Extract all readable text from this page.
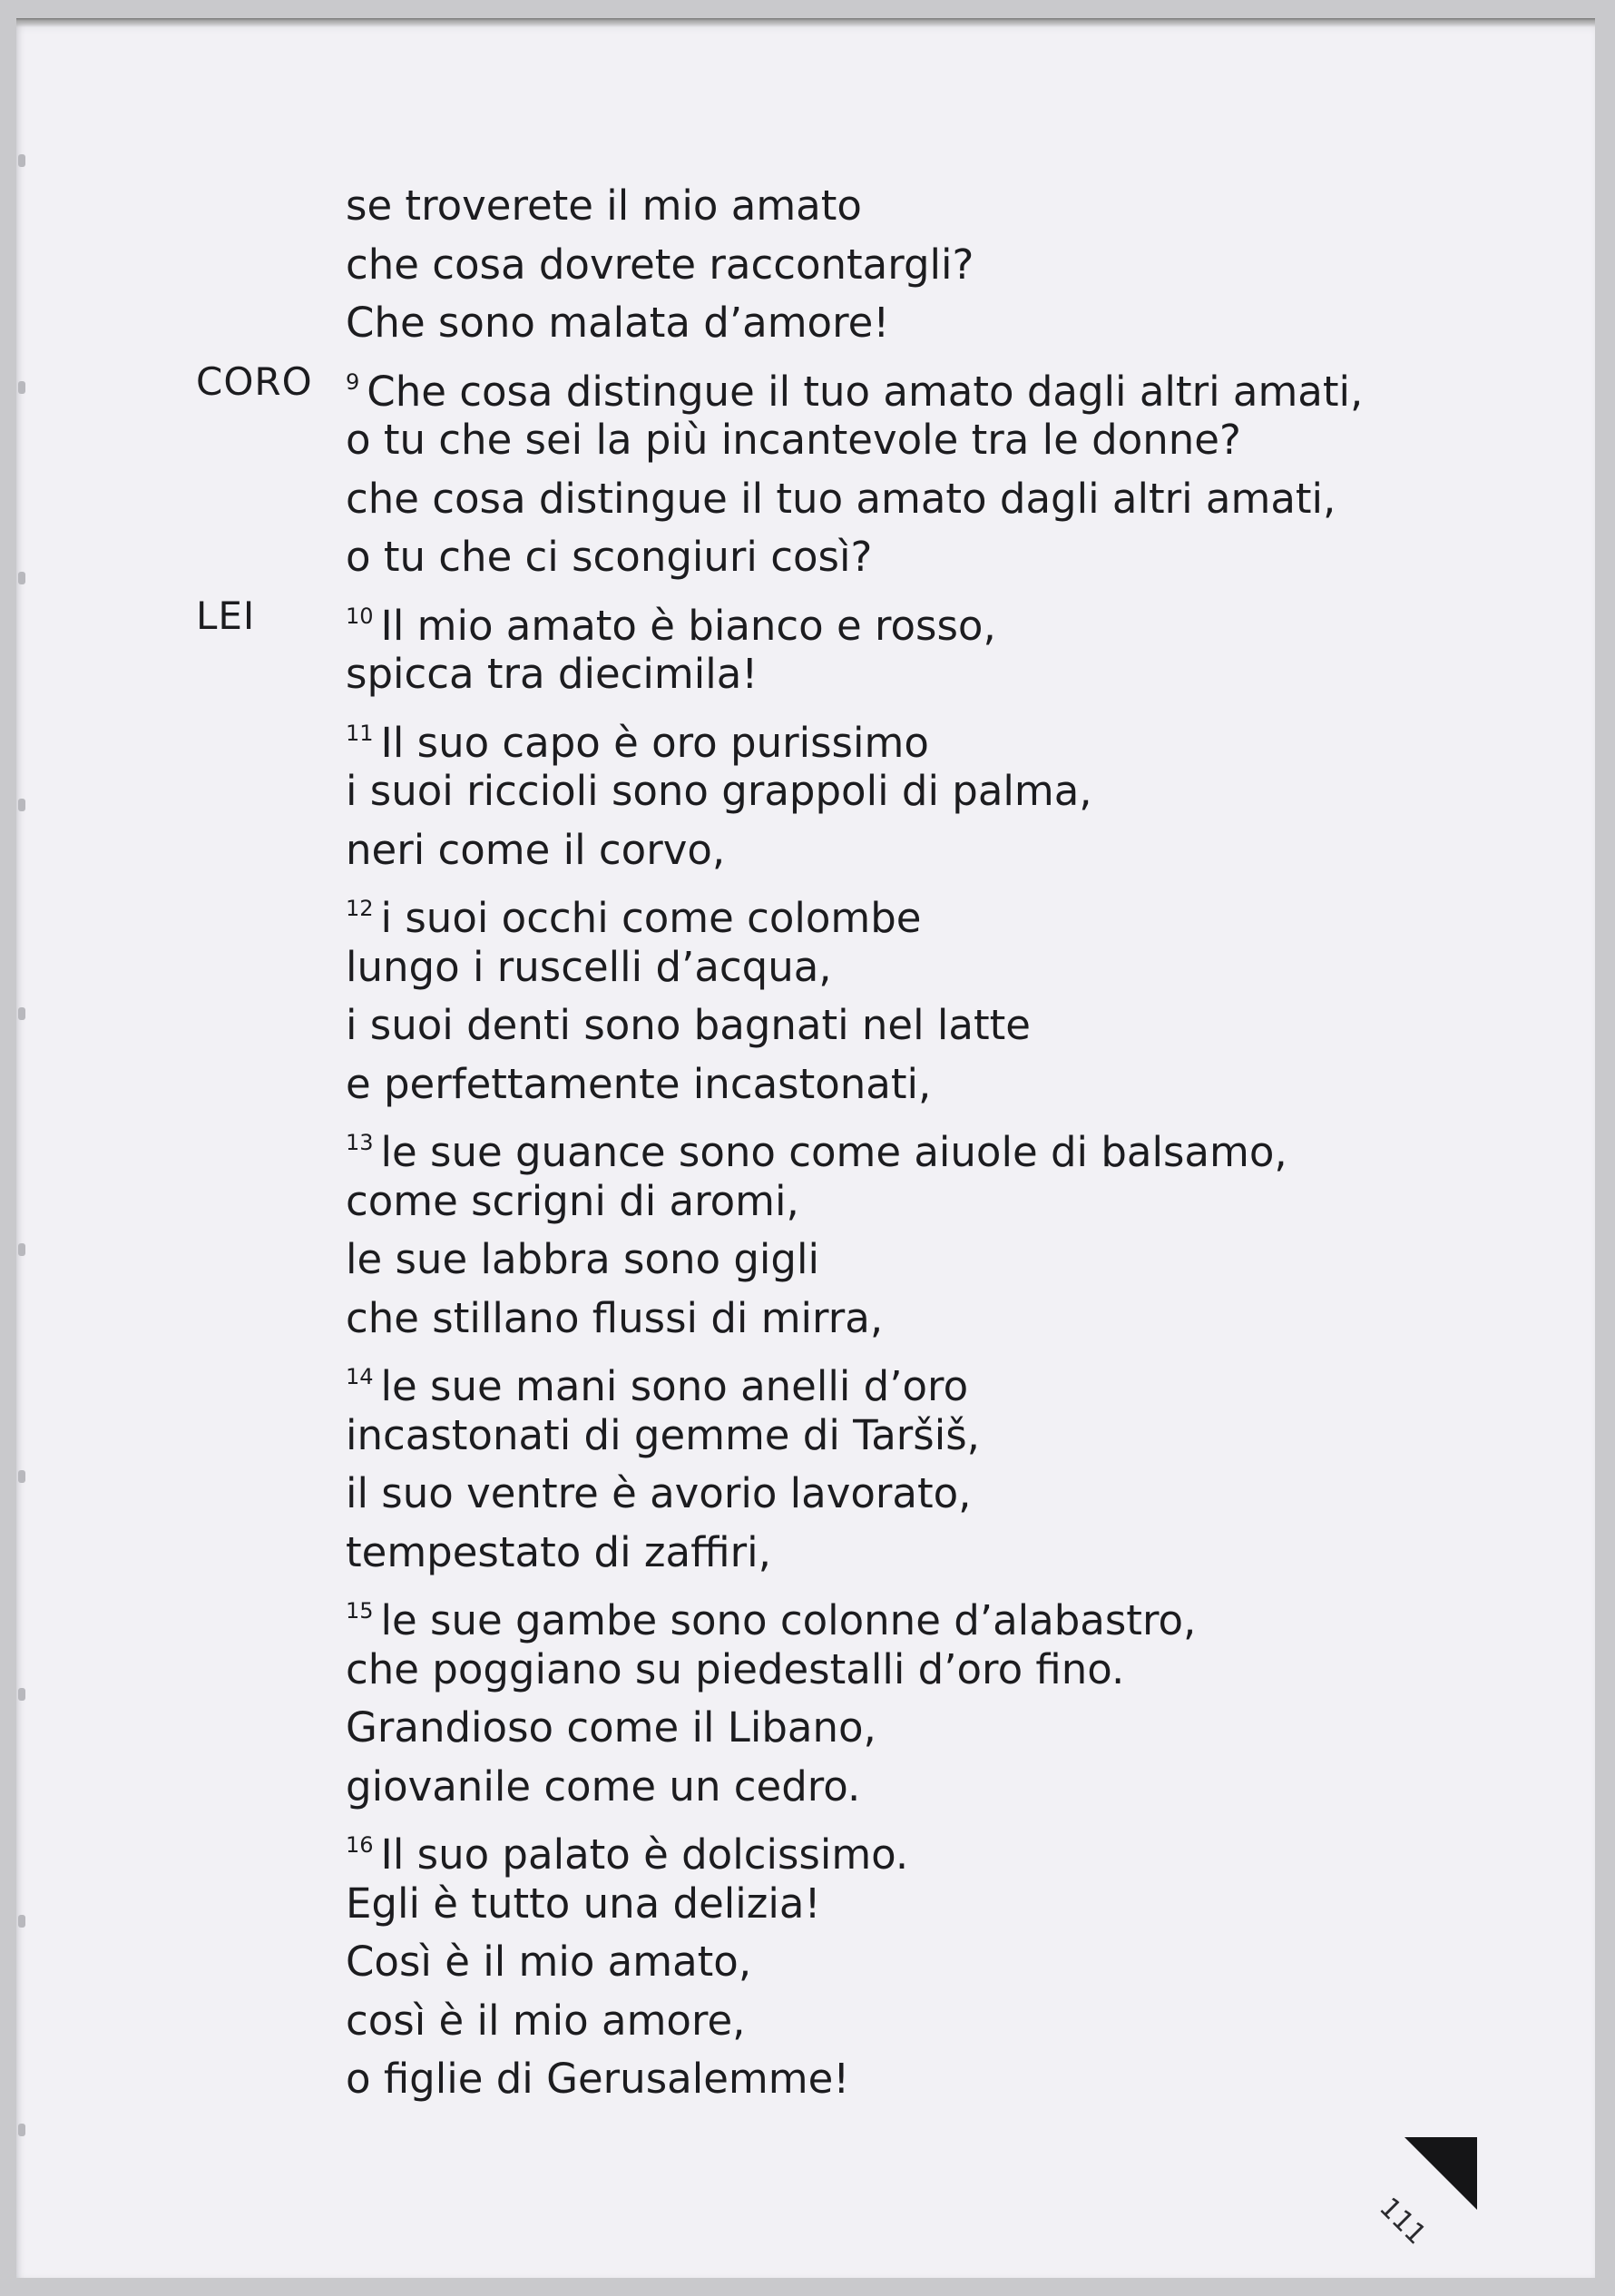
se troverete il mio amato
che cosa dovrete raccontargli?
Che sono malata d’amore!
CORO $^9$ Che cosa distingue il tuo amato dagli altri amati,
o tu che sei la più incantevole tra le donne?
che cosa distingue il tuo amato dagli altri amati,
o tu che ci scongiuri così?
LEI	$^{10}$ Il mio amato è bianco e rosso,
spicca tra diecimila!
$^{11}$ Il suo capo è oro purissimo
i suoi riccioli sono grappoli di palma,
neri come il corvo,
$^{12}$ i suoi occhi come colombe
lungo i ruscelli d’acqua,
i suoi denti sono bagnati nel latte
e perfettamente incastonati,
$^{13}$ le sue guance sono come aiuole di balsamo,
come scrigni di aromi,
le sue labbra sono gigli
che stillano flussi di mirra,
$^{14}$ le sue mani sono anelli d’oro
incastonati di gemme di Taršiš,
il suo ventre è avorio lavorato,
tempestato di zaffiri,
$^{15}$ le sue gambe sono colonne d’alabastro,
che poggiano su piedestalli d’oro fino.
Grandioso come il Libano,
giovanile come un cedro.
$^{16}$ Il suo palato è dolcissimo.
Egli è tutto una delizia!
Così è il mio amato,
così è il mio amore,
o figlie di Gerusalemme!
111
